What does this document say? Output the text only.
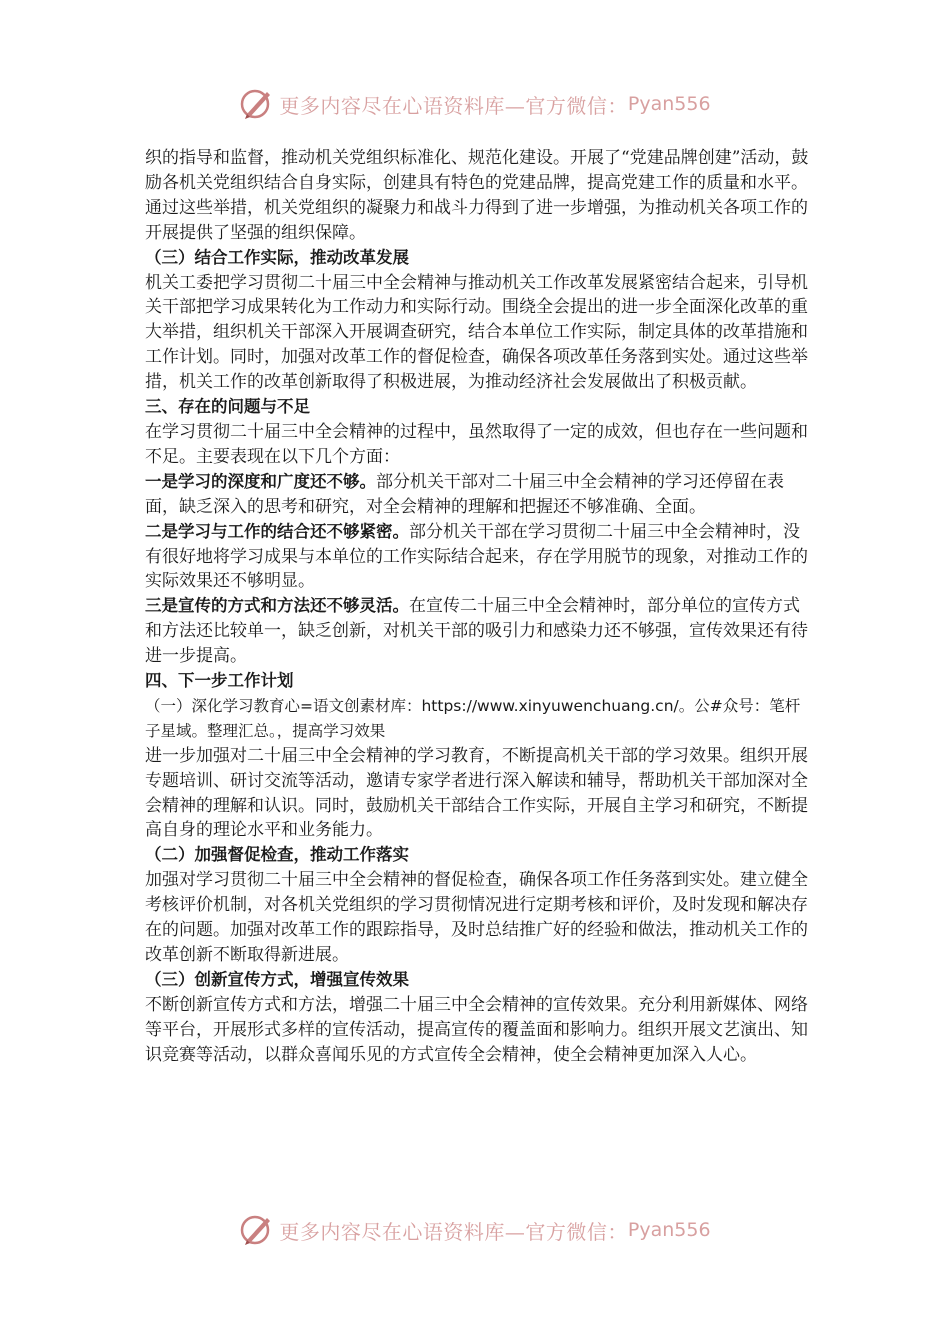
更多内容尽在心语资料库—官方微信： Pyan556

织的指导和监督，推动机关党组织标准化、规范化建设。开展了“党建品牌创建”活动，鼓励各机关党组织结合自身实际，创建具有特色的党建品牌，提高党建工作的质量和水平。通过这些举措，机关党组织的凝聚力和战斗力得到了进一步增强，为推动机关各项工作的开展提供了坚强的组织保障。

（三）结合工作实际，推动改革发展

机关工委把学习贯彻二十届三中全会精神与推动机关工作改革发展紧密结合起来，引导机关干部把学习成果转化为工作动力和实际行动。围绕全会提出的进一步全面深化改革的重大举措，组织机关干部深入开展调查研究，结合本单位工作实际，制定具体的改革措施和工作计划。同时，加强对改革工作的督促检查，确保各项改革任务落到实处。通过这些举措，机关工作的改革创新取得了积极进展，为推动经济社会发展做出了积极贡献。

三、存在的问题与不足

在学习贯彻二十届三中全会精神的过程中，虽然取得了一定的成效，但也存在一些问题和不足。主要表现在以下几个方面：

一是学习的深度和广度还不够。部分机关干部对二十届三中全会精神的学习还停留在表面，缺乏深入的思考和研究，对全会精神的理解和把握还不够准确、全面。

二是学习与工作的结合还不够紧密。部分机关干部在学习贯彻二十届三中全会精神时，没有很好地将学习成果与本单位的工作实际结合起来，存在学用脱节的现象，对推动工作的实际效果还不够明显。

三是宣传的方式和方法还不够灵活。在宣传二十届三中全会精神时，部分单位的宣传方式和方法还比较单一，缺乏创新，对机关干部的吸引力和感染力还不够强，宣传效果还有待进一步提高。

四、下一步工作计划

（一）深化学习教育心=语文创素材库：https://www.xinyuwenchuang.cn/。公#众号：笔杆子星域。整理汇总。，提高学习效果

进一步加强对二十届三中全会精神的学习教育，不断提高机关干部的学习效果。组织开展专题培训、研讨交流等活动，邀请专家学者进行深入解读和辅导，帮助机关干部加深对全会精神的理解和认识。同时，鼓励机关干部结合工作实际，开展自主学习和研究，不断提高自身的理论水平和业务能力。

（二）加强督促检查，推动工作落实

加强对学习贯彻二十届三中全会精神的督促检查，确保各项工作任务落到实处。建立健全考核评价机制，对各机关党组织的学习贯彻情况进行定期考核和评价，及时发现和解决存在的问题。加强对改革工作的跟踪指导，及时总结推广好的经验和做法，推动机关工作的改革创新不断取得新进展。

（三）创新宣传方式，增强宣传效果

不断创新宣传方式和方法，增强二十届三中全会精神的宣传效果。充分利用新媒体、网络等平台，开展形式多样的宣传活动，提高宣传的覆盖面和影响力。组织开展文艺演出、知识竞赛等活动，以群众喜闻乐见的方式宣传全会精神，使全会精神更加深入人心。

更多内容尽在心语资料库—官方微信： Pyan556
